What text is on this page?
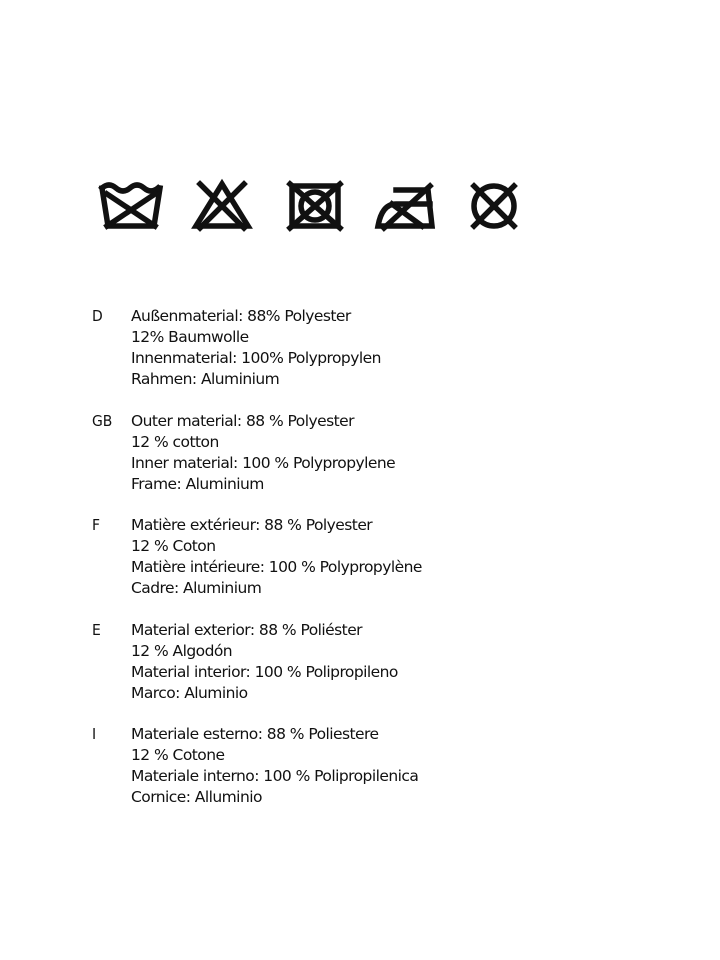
D Außenmaterial: 88% Polyester
12% Baumwolle
Innenmaterial: 100% Polypropylen
Rahmen: Aluminium
GB Outer material: 88 % Polyester
12 % cotton
Inner material: 100 % Polypropylene
Frame: Aluminium
F Matière extérieur: 88 % Polyester
12 % Coton
Matière intérieure: 100 % Polypropylène
Cadre: Aluminium
E Material exterior: 88 % Poliéster
12 % Algodón
Material interior: 100 % Polipropileno
Marco: Aluminio
I Materiale esterno: 88 % Poliestere
12 % Cotone
Materiale interno: 100 % Polipropilenica
Cornice: Alluminio
